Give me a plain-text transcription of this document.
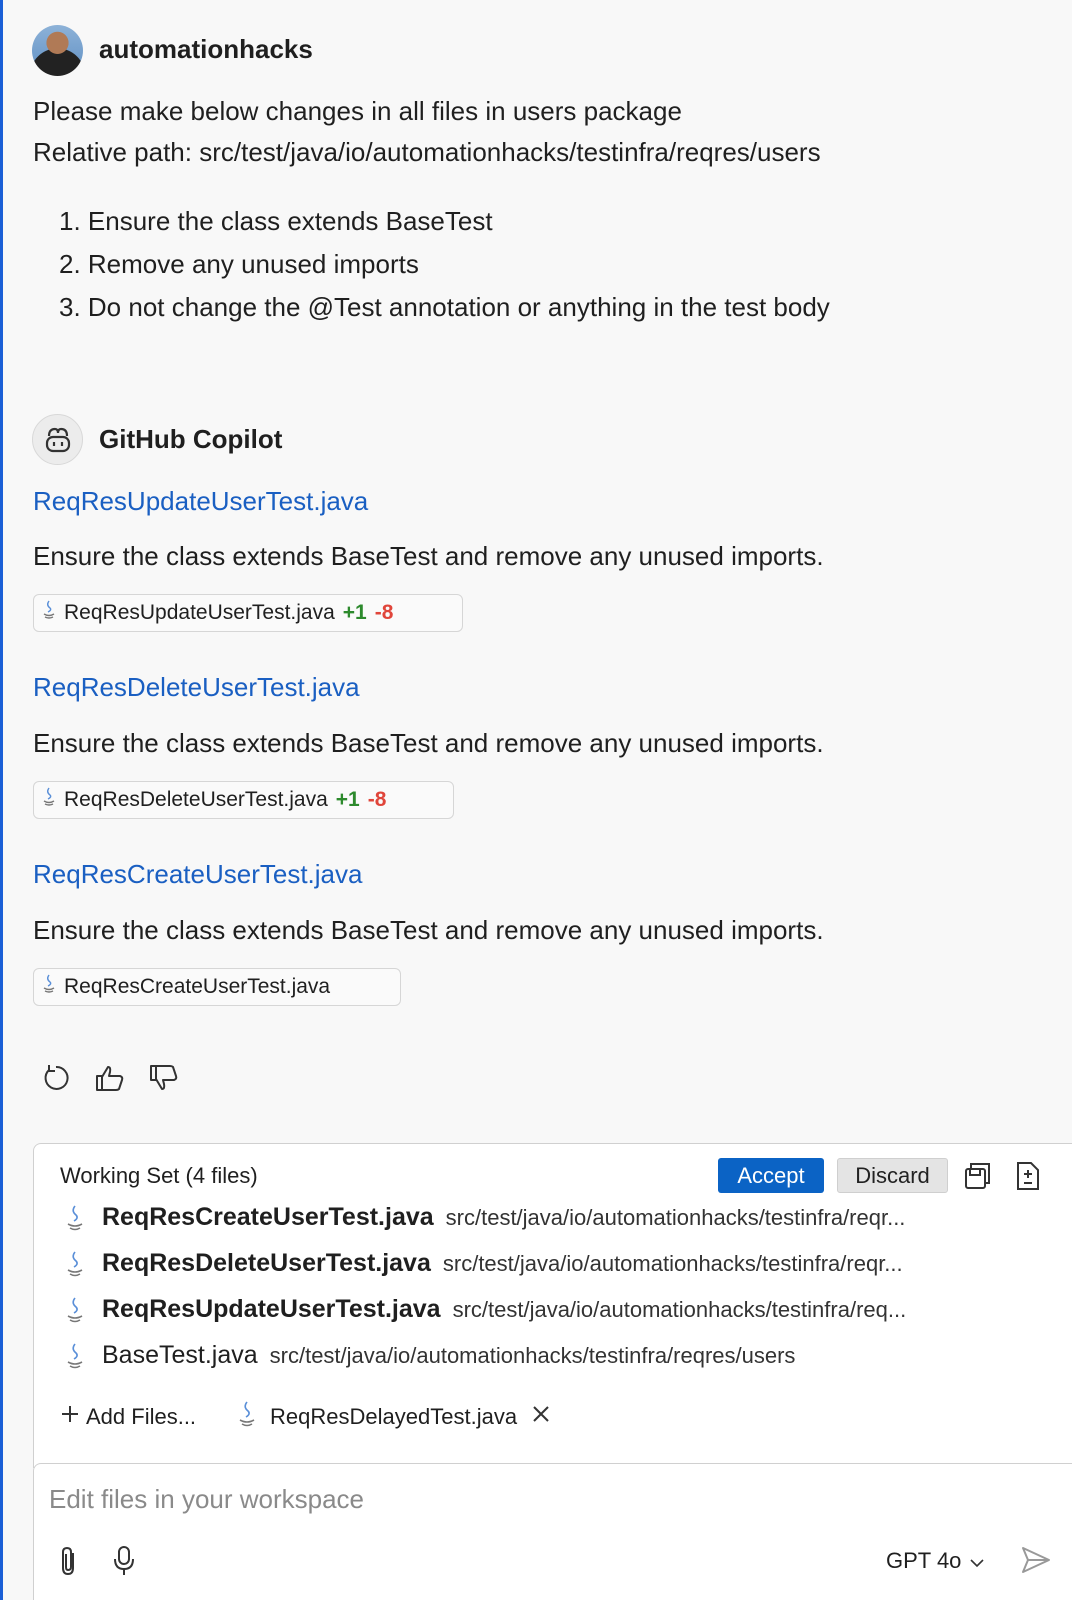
automationhacks
Please make below changes in all files in users package
Relative path: src/test/java/io/automationhacks/testinfra/reqres/users
1. Ensure the class extends BaseTest
2. Remove any unused imports
3. Do not change the @Test annotation or anything in the test body
GitHub Copilot
ReqResUpdateUserTest.java
Ensure the class extends BaseTest and remove any unused imports.
ReqResUpdateUserTest.java +1 -8
ReqResDeleteUserTest.java
Ensure the class extends BaseTest and remove any unused imports.
ReqResDeleteUserTest.java +1 -8
ReqResCreateUserTest.java
Ensure the class extends BaseTest and remove any unused imports.
ReqResCreateUserTest.java
Working Set (4 files)	Accept	Discard
ReqResCreateUserTest.java src/test/java/io/automationhacks/testinfra/reqr...
ReqResDeleteUserTest.java src/test/java/io/automationhacks/testinfra/reqr...
ReqResUpdateUserTest.java src/test/java/io/automationhacks/testinfra/req...
BaseTest.java src/test/java/io/automationhacks/testinfra/reqres/users
Add Files...	ReqResDelayedTest.java
Edit files in your workspace
GPT 4o
